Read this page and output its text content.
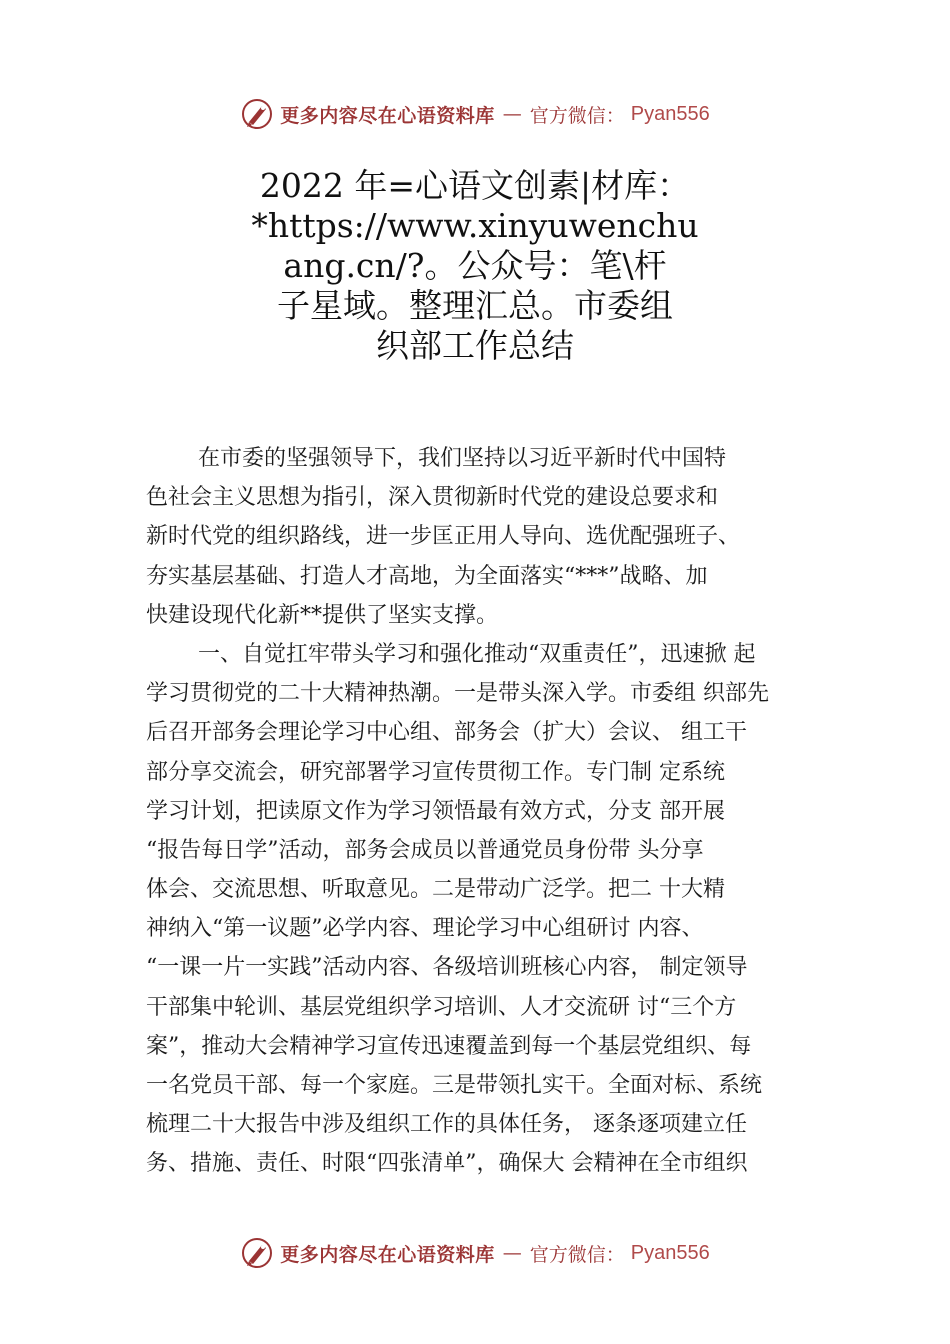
更多内容尽在心语资料库 — 官方微信： Pyan556
2022 年=心语文创素|材库：
*https://www.xinyuwenchu
ang.cn/?。公众号：笔\杆
子星域。整理汇总。市委组
织部工作总结
在市委的坚强领导下，我们坚持以习近平新时代中国特
色社会主义思想为指引，深入贯彻新时代党的建设总要求和
新时代党的组织路线，进一步匡正用人导向、选优配强班子、
夯实基层基础、打造人才高地，为全面落实“***”战略、加
快建设现代化新**提供了坚实支撑。
一、自觉扛牢带头学习和强化推动“双重责任”，迅速掀 起
学习贯彻党的二十大精神热潮。一是带头深入学。市委组 织部先
后召开部务会理论学习中心组、部务会（扩大）会议、 组工干
部分享交流会，研究部署学习宣传贯彻工作。专门制 定系统
学习计划，把读原文作为学习领悟最有效方式，分支 部开展
“报告每日学”活动，部务会成员以普通党员身份带 头分享
体会、交流思想、听取意见。二是带动广泛学。把二 十大精
神纳入“第一议题”必学内容、理论学习中心组研讨 内容、
“一课一片一实践”活动内容、各级培训班核心内容， 制定领导
干部集中轮训、基层党组织学习培训、人才交流研 讨“三个方
案”，推动大会精神学习宣传迅速覆盖到每一个基层党组织、每
一名党员干部、每一个家庭。三是带领扎实干。全面对标、系统
梳理二十大报告中涉及组织工作的具体任务， 逐条逐项建立任
务、措施、责任、时限“四张清单”，确保大 会精神在全市组织
更多内容尽在心语资料库 — 官方微信： Pyan556
